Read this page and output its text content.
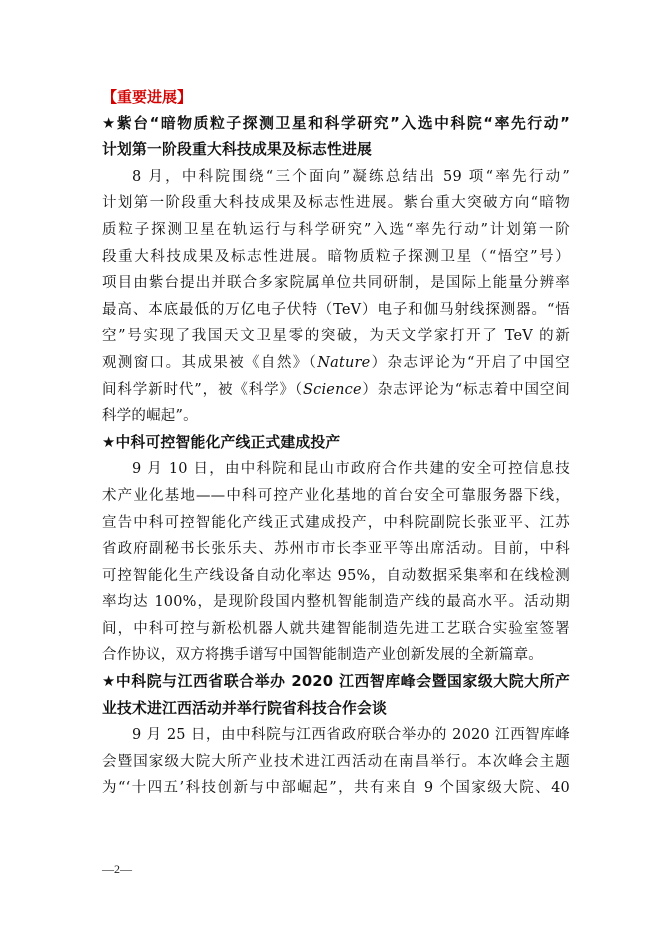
【重要进展】
★紫台“暗物质粒子探测卫星和科学研究”入选中科院“率先行动”
计划第一阶段重大科技成果及标志性进展
8 月，中科院围绕“三个面向”凝练总结出 59 项“率先行动”
计划第一阶段重大科技成果及标志性进展。紫台重大突破方向“暗物
质粒子探测卫星在轨运行与科学研究”入选“率先行动”计划第一阶
段重大科技成果及标志性进展。暗物质粒子探测卫星（“悟空”号）
项目由紫台提出并联合多家院属单位共同研制，是国际上能量分辨率
最高、本底最低的万亿电子伏特（TeV）电子和伽马射线探测器。“悟
空”号实现了我国天文卫星零的突破，为天文学家打开了 TeV 的新
观测窗口。其成果被《自然》（Nature）杂志评论为“开启了中国空
间科学新时代”，被《科学》（Science）杂志评论为“标志着中国空间
科学的崛起”。
★中科可控智能化产线正式建成投产
9 月 10 日，由中科院和昆山市政府合作共建的安全可控信息技
术产业化基地——中科可控产业化基地的首台安全可靠服务器下线，
宣告中科可控智能化产线正式建成投产，中科院副院长张亚平、江苏
省政府副秘书长张乐夫、苏州市市长李亚平等出席活动。目前，中科
可控智能化生产线设备自动化率达 95%，自动数据采集率和在线检测
率均达 100%，是现阶段国内整机智能制造产线的最高水平。活动期
间，中科可控与新松机器人就共建智能制造先进工艺联合实验室签署
合作协议，双方将携手谱写中国智能制造产业创新发展的全新篇章。
★中科院与江西省联合举办 2020 江西智库峰会暨国家级大院大所产
业技术进江西活动并举行院省科技合作会谈
9 月 25 日，由中科院与江西省政府联合举办的 2020 江西智库峰
会暨国家级大院大所产业技术进江西活动在南昌举行。本次峰会主题
为“‘十四五’科技创新与中部崛起”，共有来自 9 个国家级大院、40
—2—
